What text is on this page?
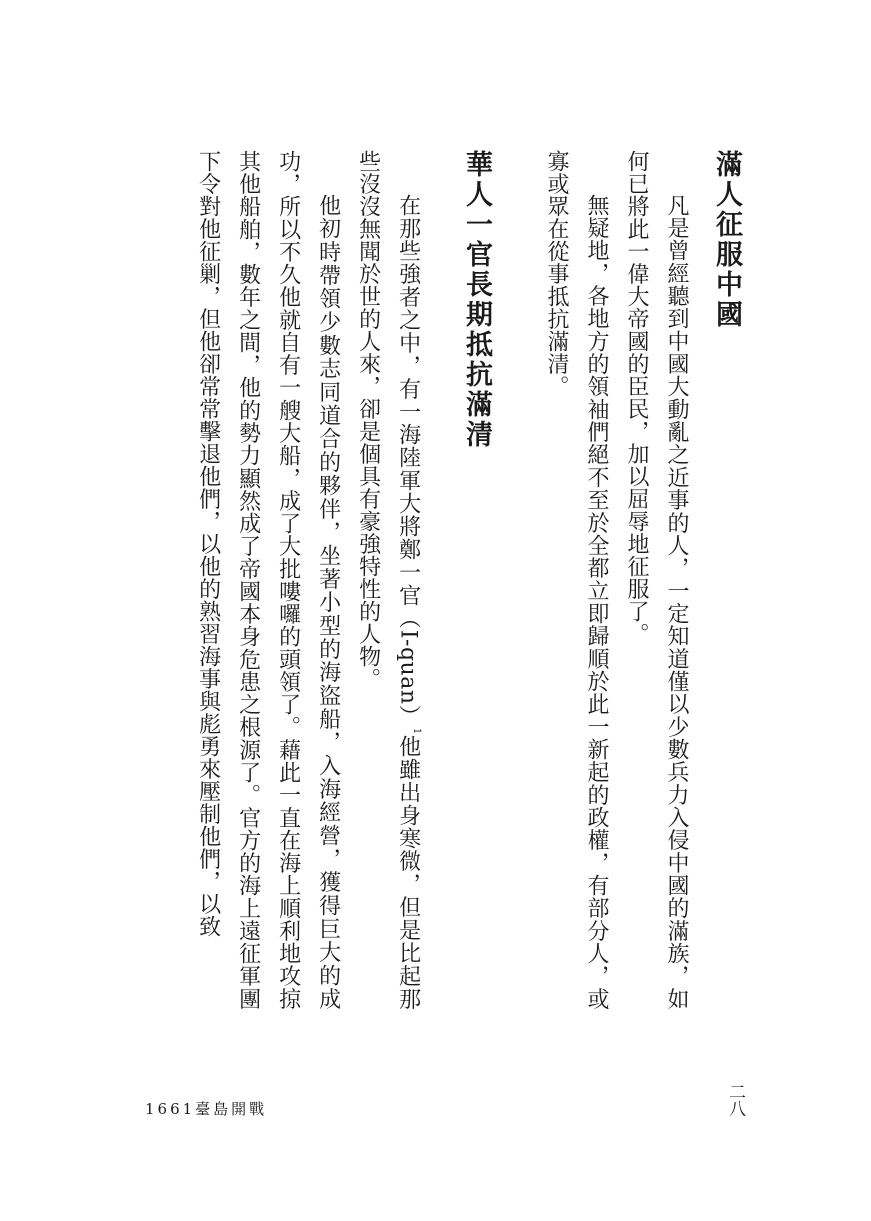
滿人征服中國

凡是曾經聽到中國大動亂之近事的人，一定知道僅以少數兵力入侵中國的滿族，如何已將此一偉大帝國的臣民，加以屈辱地征服了。

無疑地，各地方的領袖們絕不至於全都立即歸順於此一新起的政權，有部分人，或寡或眾在從事抵抗滿清。

華人一官長期抵抗滿清

在那些強者之中，有一海陸軍大將鄭一官（I-quan）$^1$他雖出身寒微，但是比起那些沒沒無聞於世的人來，卻是個具有豪強特性的人物。

他初時帶領少數志同道合的夥伴，坐著小型的海盜船，入海經營，獲得巨大的成功，所以不久他就自有一艘大船，成了大批嘍囉的頭領了。藉此一直在海上順利地攻掠其他船舶，數年之間，他的勢力顯然成了帝國本身危患之根源了。官方的海上遠征軍團下令對他征剿，但他卻常常擊退他們，以他的熟習海事與彪勇來壓制他們，以致

1661臺島開戰	二八
